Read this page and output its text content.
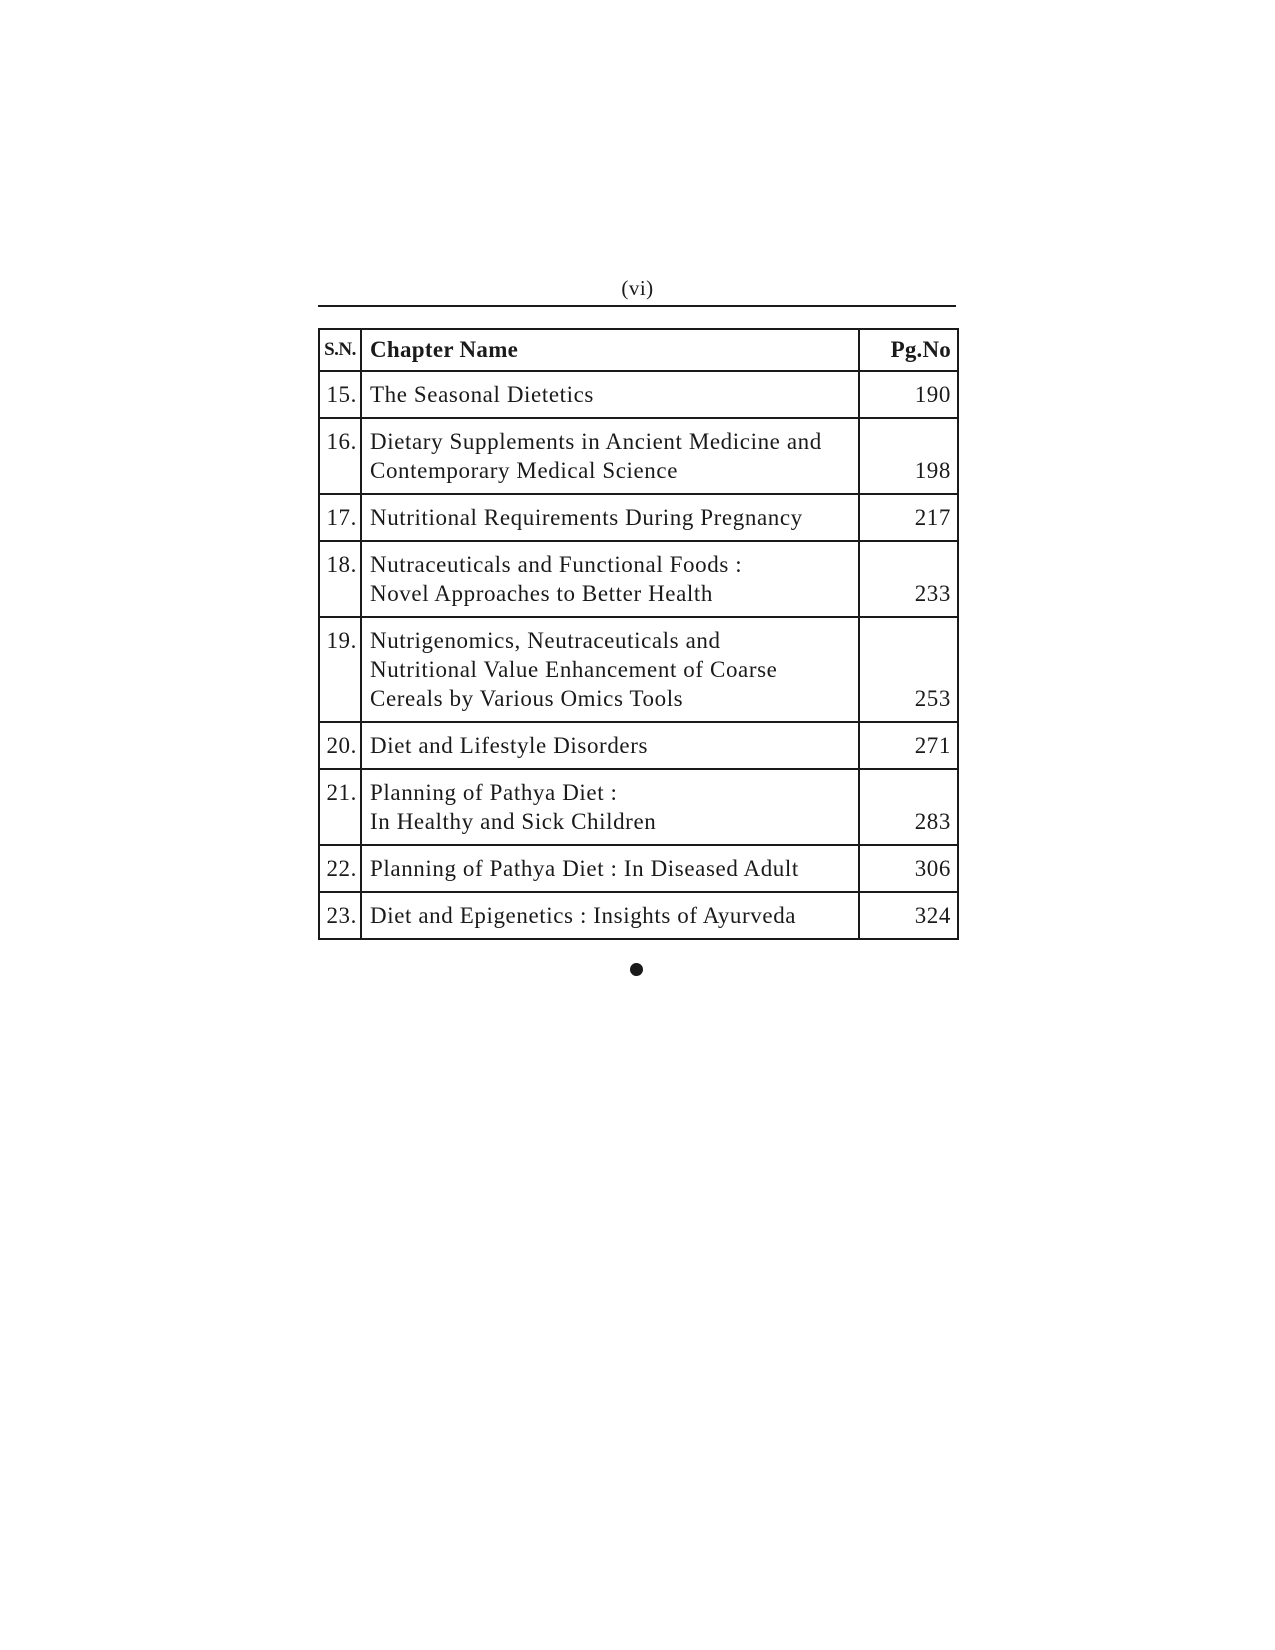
(vi)
S.N.	Chapter Name	Pg.No
15.	The Seasonal Dietetics	190
16.	Dietary Supplements in Ancient Medicine and
Contemporary Medical Science	198
17.	Nutritional Requirements During Pregnancy	217
18.	Nutraceuticals and Functional Foods :
Novel Approaches to Better Health	233
19.	Nutrigenomics, Neutraceuticals and
Nutritional Value Enhancement of Coarse
Cereals by Various Omics Tools	253
20.	Diet and Lifestyle Disorders	271
21.	Planning of Pathya Diet :
In Healthy and Sick Children	283
22.	Planning of Pathya Diet : In Diseased Adult	306
23.	Diet and Epigenetics : Insights of Ayurveda	324
